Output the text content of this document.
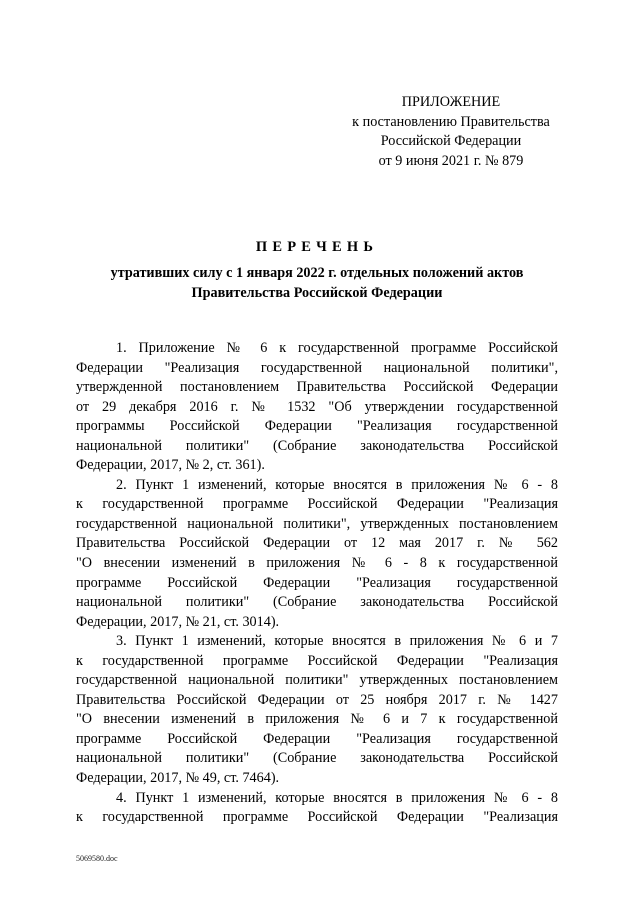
ПРИЛОЖЕНИЕ
к постановлению Правительства
Российской Федерации
от 9 июня 2021 г. № 879
ПЕРЕЧЕНЬ
утративших силу с 1 января 2022 г. отдельных положений актов
Правительства Российской Федерации
1. Приложение № 6 к государственной программе Российской
Федерации "Реализация государственной национальной политики",
утвержденной постановлением Правительства Российской Федерации
от 29 декабря 2016 г. № 1532 "Об утверждении государственной
программы Российской Федерации "Реализация государственной
национальной политики" (Собрание законодательства Российской
Федерации, 2017, № 2, ст. 361).
2. Пункт 1 изменений, которые вносятся в приложения № 6 - 8
к государственной программе Российской Федерации "Реализация
государственной национальной политики", утвержденных постановлением
Правительства Российской Федерации от 12 мая 2017 г. № 562
"О внесении изменений в приложения № 6 - 8 к государственной
программе Российской Федерации "Реализация государственной
национальной политики" (Собрание законодательства Российской
Федерации, 2017, № 21, ст. 3014).
3. Пункт 1 изменений, которые вносятся в приложения № 6 и 7
к государственной программе Российской Федерации "Реализация
государственной национальной политики" утвержденных постановлением
Правительства Российской Федерации от 25 ноября 2017 г. № 1427
"О внесении изменений в приложения № 6 и 7 к государственной
программе Российской Федерации "Реализация государственной
национальной политики" (Собрание законодательства Российской
Федерации, 2017, № 49, ст. 7464).
4. Пункт 1 изменений, которые вносятся в приложения № 6 - 8
к государственной программе Российской Федерации "Реализация
5069580.doc
